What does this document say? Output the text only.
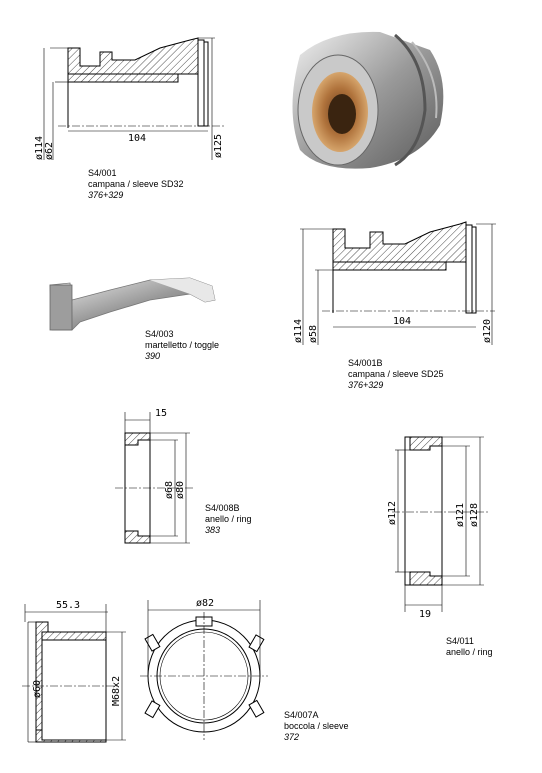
ø114 ø62
104	ø125
ø114 ø58
104	ø120
15
ø68 ø80
ø112	ø121 ø128
19
55.3
ø60	M68x2
ø82
S4/001
campana / sleeve SD32
376+329
S4/003
martelletto / toggle
390
S4/001B
campana / sleeve SD25
376+329
S4/008B
anello / ring
383
S4/011
anello / ring
S4/007A
boccola / sleeve
372
